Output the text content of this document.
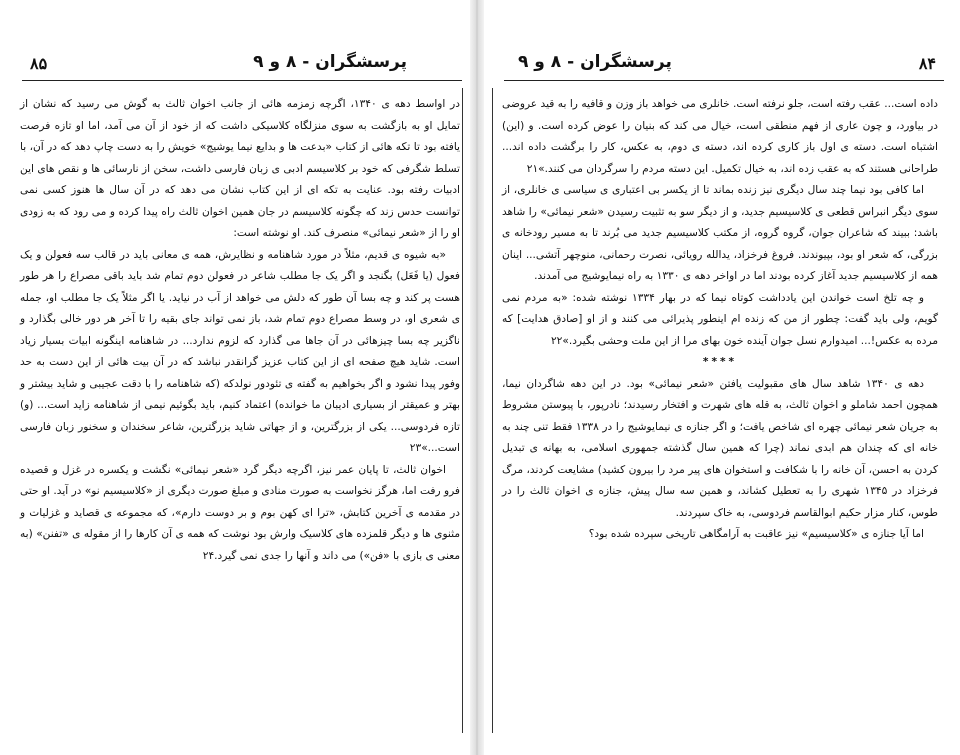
۸۵	پرسشگران - ۸ و ۹

در اواسط دهه ی ۱۳۴۰، اگرچه زمزمه هائی از جانب اخوان ثالث به گوش می رسید که نشان از تمایل او به بازگشت به سوی منزلگاه کلاسیکی داشت که از خود از آن می آمد، اما او تازه فرصت یافته بود تا تکه هائی از کتاب «بدعت ها و بدایع نیما یوشیج» خویش را به دست چاپ دهد که در آن، با تسلط شگرفی که خود بر کلاسیسم ادبی ی زبان فارسی داشت، سخن از نارسائی ها و نقص های این ادبیات رفته بود. عنایت به تکه ای از این کتاب نشان می دهد که در آن سال ها هنوز کسی نمی توانست حدس زند که چگونه کلاسیسم در جان همین اخوان ثالث راه پیدا کرده و می رود که به زودی او را از «شعر نیمائی» منصرف کند. او نوشته است:

«به شیوه ی قدیم، مثلاً در مورد شاهنامه و نظایرش، همه ی معانی باید در قالب سه فعولن و یک فعول (یا فَعَل) بگنجد و اگر یک جا مطلب شاعر در فعولن دوم تمام شد باید باقی مصراع را هر طور هست پر کند و چه بسا آن طور که دلش می خواهد از آب در نیاید. یا اگر مثلاً یک جا مطلب او، جمله ی شعری او، در وسط مصراع دوم تمام شد، باز نمی تواند جای بقیه را تا آخر هر دور خالی بگذارد و ناگزیر چه بسا چیزهائی در آن جاها می گذارد که لزوم ندارد... در شاهنامه اینگونه ابیات بسیار زیاد است. شاید هیچ صفحه ای از این کتاب عزیز گرانقدر نباشد که در آن بیت هائی از این دست به حد وفور پیدا نشود و اگر بخواهیم به گفته ی تئودور نولدکه (که شاهنامه را با دقت عجیبی و شاید بیشتر و بهتر و عمیقتر از بسیاری ادیبان ما خوانده) اعتماد کنیم، باید بگوئیم نیمی از شاهنامه زاید است... (و) تازه فردوسی... یکی از بزرگترین، و از جهاتی شاید بزرگترین، شاعر سخندان و سخنور زبان فارسی است...»۲۳

اخوان ثالث، تا پایان عمر نیز، اگرچه دیگر گرد «شعر نیمائی» نگشت و یکسره در غزل و قصیده فرو رفت اما، هرگز نخواست به صورت منادی و مبلغ صورت دیگری از «کلاسیسیم نو» در آید. او حتی در مقدمه ی آخرین کتابش، «ترا ای کهن بوم و بر دوست دارم»، که مجموعه ی قصاید و غزلیات و مثنوی ها و دیگر قلمزده های کلاسیک وارش بود نوشت که همه ی آن کارها را از مقوله ی «تفنن» (به معنی ی بازی با «فن») می داند و آنها را جدی نمی گیرد.۲۴

۸۴
پرسشگران - ۸ و ۹

داده است... عقب رفته است، جلو نرفته است. خانلری می خواهد باز وزن و قافیه را به قید عروضی در بیاورد، و چون عاری از فهم منطقی است، خیال می کند که بنیان را عوض کرده است. و (این) اشتباه است. دسته ی اول باز کاری کرده اند، دسته ی دوم، به عکس، کار را برگشت داده اند... طراحانی هستند که به عقب زده اند، به خیال تکمیل. این دسته مردم را سرگردان می کنند.»۲۱

اما کافی بود نیما چند سال دیگری نیز زنده بماند تا از یکسر بی اعتباری ی سیاسی ی خانلری، از سوی دیگر انبراس قطعی ی کلاسیسیم جدید، و از دیگر سو به تثبیت رسیدن «شعر نیمائی» را شاهد باشد: ببیند که شاعران جوان، گروه گروه، از مکتب کلاسیسیم جدید می بُرند تا به مسیر رودخانه ی بزرگی، که شعر او بود، بپیوندند. فروغ فرخزاد، یدالله رویائی، نصرت رحمانی، منوچهر آتشی... اینان همه از کلاسیسیم جدید آغاز کرده بودند اما در اواخر دهه ی ۱۳۳۰ به راه نیمایوشیج می آمدند.

و چه تلخ است خواندن این یادداشت کوتاه نیما که در بهار ۱۳۳۴ نوشته شده: «به مردم نمی گویم، ولی باید گفت: چطور از من که زنده ام اینطور پذیرائی می کنند و از او [صادق هدایت] که مرده به عکس!... امیدوارم نسل جوان آینده خون بهای مرا از این ملت وحشی بگیرد.»۲۲

****

دهه ی ۱۳۴۰ شاهد سال های مقبولیت یافتن «شعر نیمائی» بود. در این دهه شاگردان نیما، همچون احمد شاملو و اخوان ثالث، به قله های شهرت و افتخار رسیدند؛ نادرپور، با پیوستن مشروط به جریان شعر نیمائی چهره ای شاخص یافت؛ و اگر جنازه ی نیمایوشیج را در ۱۳۳۸ فقط تنی چند به خانه ای که چندان هم ابدی نماند (چرا که همین سال گذشته جمهوری اسلامی، به بهانه ی تبدیل کردن به احسن، آن خانه را با شکافت و استخوان های پیر مرد را بیرون کشید) مشایعت کردند، مرگ فرخزاد در ۱۳۴۵ شهری را به تعطیل کشاند، و همین سه سال پیش، جنازه ی اخوان ثالث را در طوس، کنار مزار حکیم ابوالقاسم فردوسی، به خاک سپردند.

اما آیا جنازه ی «کلاسیسیم» نیز عاقبت به آرامگاهی تاریخی سپرده شده بود؟
